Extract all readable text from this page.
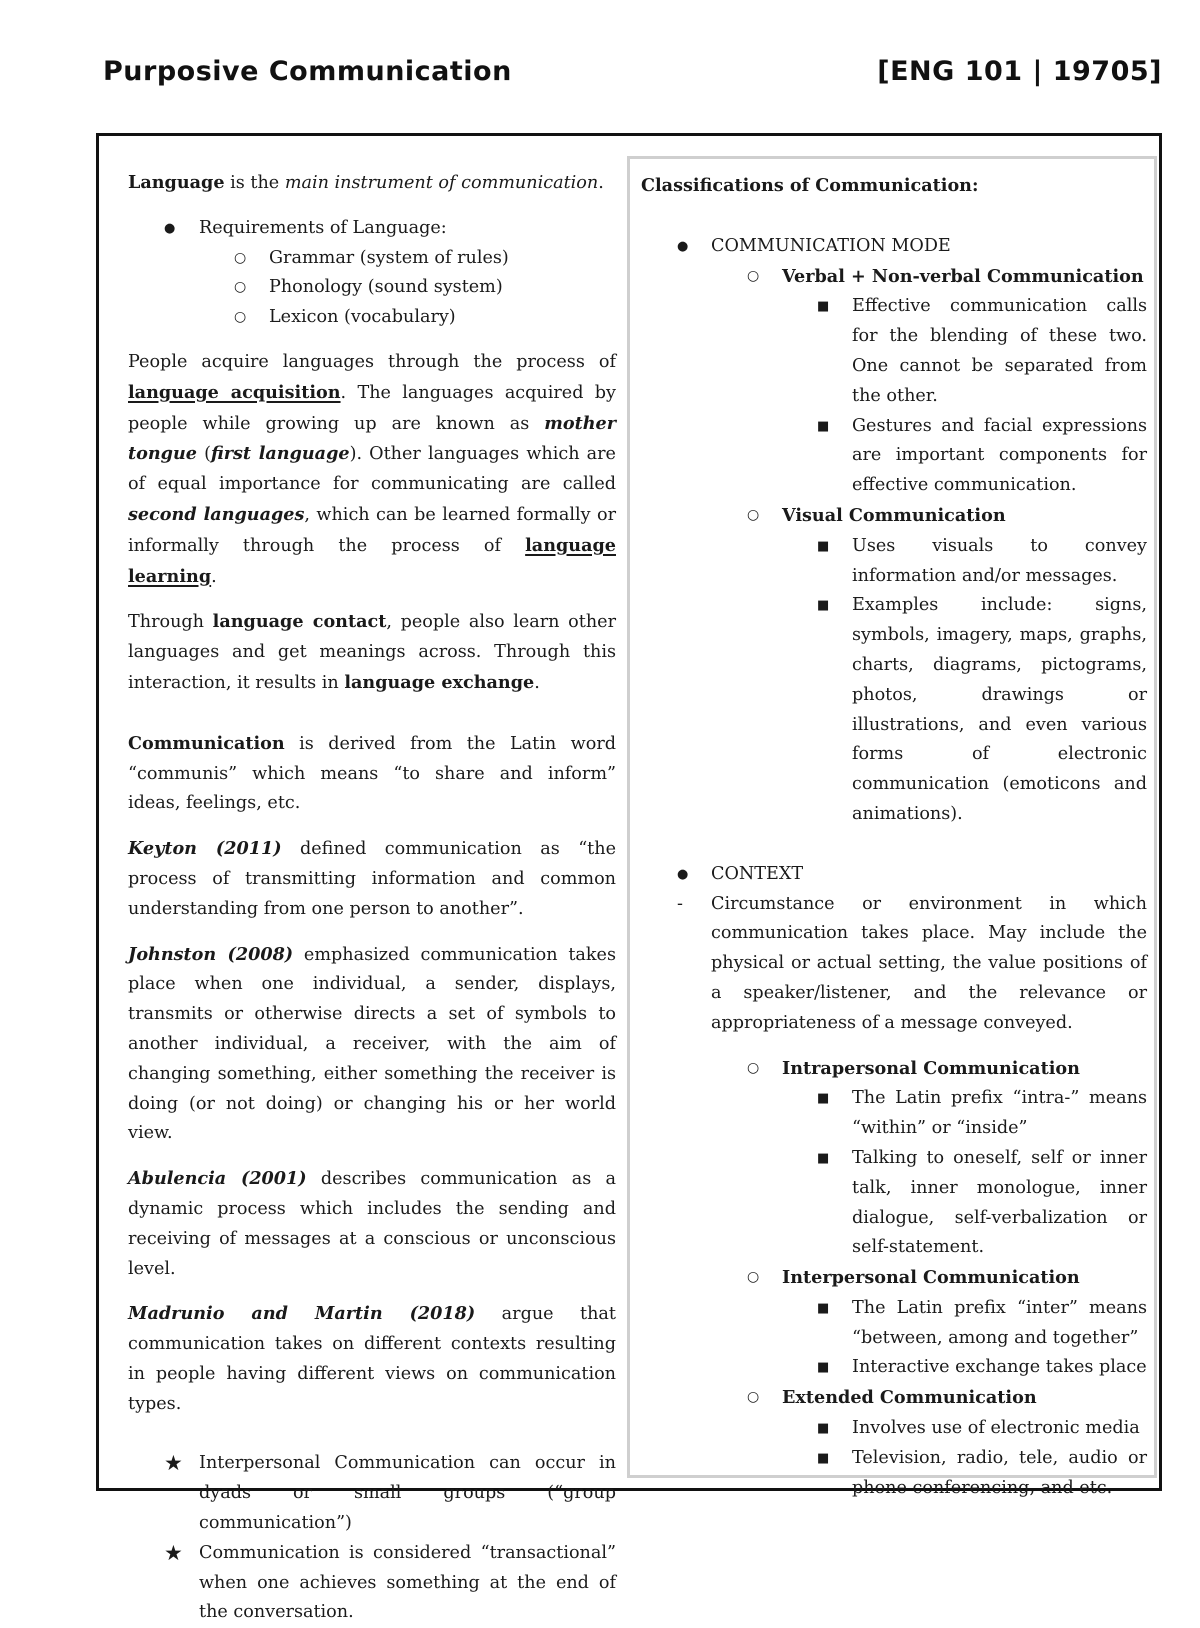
Purposive Communication	[ENG 101 | 19705]

Language is the main instrument of communication.

● Requirements of Language:
○ Grammar (system of rules)
○ Phonology (sound system)
○ Lexicon (vocabulary)

People acquire languages through the process of language acquisition. The languages acquired by people while growing up are known as mother tongue (first language). Other languages which are of equal importance for communicating are called second languages, which can be learned formally or informally through the process of language learning.

Through language contact, people also learn other languages and get meanings across. Through this interaction, it results in language exchange.

Communication is derived from the Latin word “communis” which means “to share and inform” ideas, feelings, etc.

Keyton (2011) defined communication as “the process of transmitting information and common understanding from one person to another”.

Johnston (2008) emphasized communication takes place when one individual, a sender, displays, transmits or otherwise directs a set of symbols to another individual, a receiver, with the aim of changing something, either something the receiver is doing (or not doing) or changing his or her world view.

Abulencia (2001) describes communication as a dynamic process which includes the sending and receiving of messages at a conscious or unconscious level.

Madrunio and Martin (2018) argue that communication takes on different contexts resulting in people having different views on communication types.

★ Interpersonal Communication can occur in dyads or small groups (“group communication”)
★ Communication is considered “transactional” when one achieves something at the end of the conversation.

Classifications of Communication:

● COMMUNICATION MODE
○ Verbal + Non-verbal Communication
■ Effective communication calls for the blending of these two. One cannot be separated from the other.
■ Gestures and facial expressions are important components for effective communication.
○ Visual Communication
■ Uses visuals to convey information and/or messages.
■ Examples include: signs, symbols, imagery, maps, graphs, charts, diagrams, pictograms, photos, drawings or illustrations, and even various forms of electronic communication (emoticons and animations).
● CONTEXT
- Circumstance or environment in which communication takes place. May include the physical or actual setting, the value positions of a speaker/listener, and the relevance or appropriateness of a message conveyed.
○ Intrapersonal Communication
■ The Latin prefix “intra-” means “within” or “inside”
■ Talking to oneself, self or inner talk, inner monologue, inner dialogue, self-verbalization or self-statement.
○ Interpersonal Communication
■ The Latin prefix “inter” means “between, among and together”
■ Interactive exchange takes place
○ Extended Communication
■ Involves use of electronic media
■ Television, radio, tele, audio or phone conferencing, and etc.
